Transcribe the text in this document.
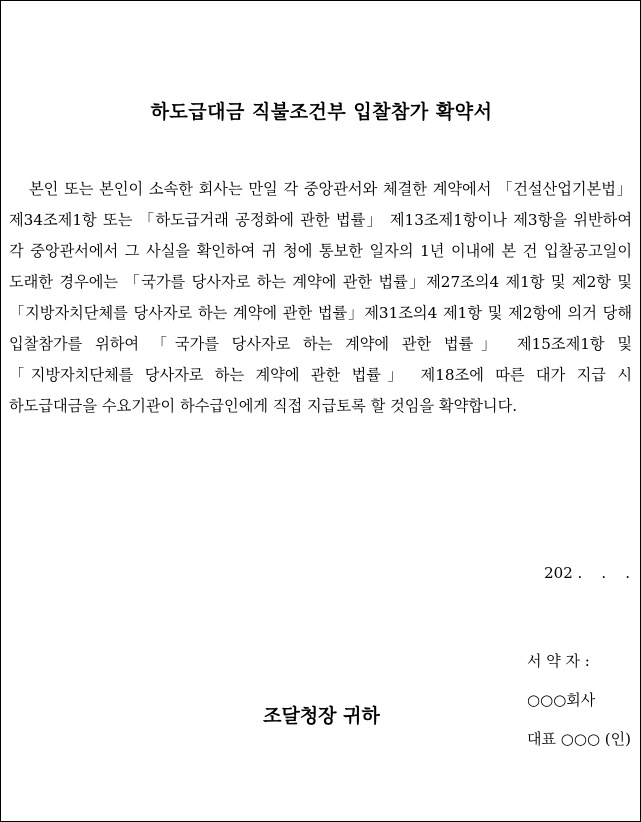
하도급대금 직불조건부 입찰참가 확약서

본인 또는 본인이 소속한 회사는 만일 각 중앙관서와 체결한 계약에서 「건설산업기본법」제34조제1항 또는 「하도급거래 공정화에 관한 법률」 제13조제1항이나 제3항을 위반하여 각 중앙관서에서 그 사실을 확인하여 귀 청에 통보한 일자의 1년 이내에 본 건 입찰공고일이 도래한 경우에는 「국가를 당사자로 하는 계약에 관한 법률」제27조의4 제1항 및 제2항 및 「지방자치단체를 당사자로 하는 계약에 관한 법률」제31조의4 제1항 및 제2항에 의거 당해 입찰참가를 위하여 「국가를 당사자로 하는 계약에 관한 법률」 제15조제1항 및 「지방자치단체를 당사자로 하는 계약에 관한 법률」 제18조에 따른 대가 지급 시 하도급대금을 수요기관이 하수급인에게 직접 지급토록 할 것임을 확약합니다.

202 .    .    .

서 약 자 :

○○○회사

대표 ○○○ (인)

조달청장 귀하
